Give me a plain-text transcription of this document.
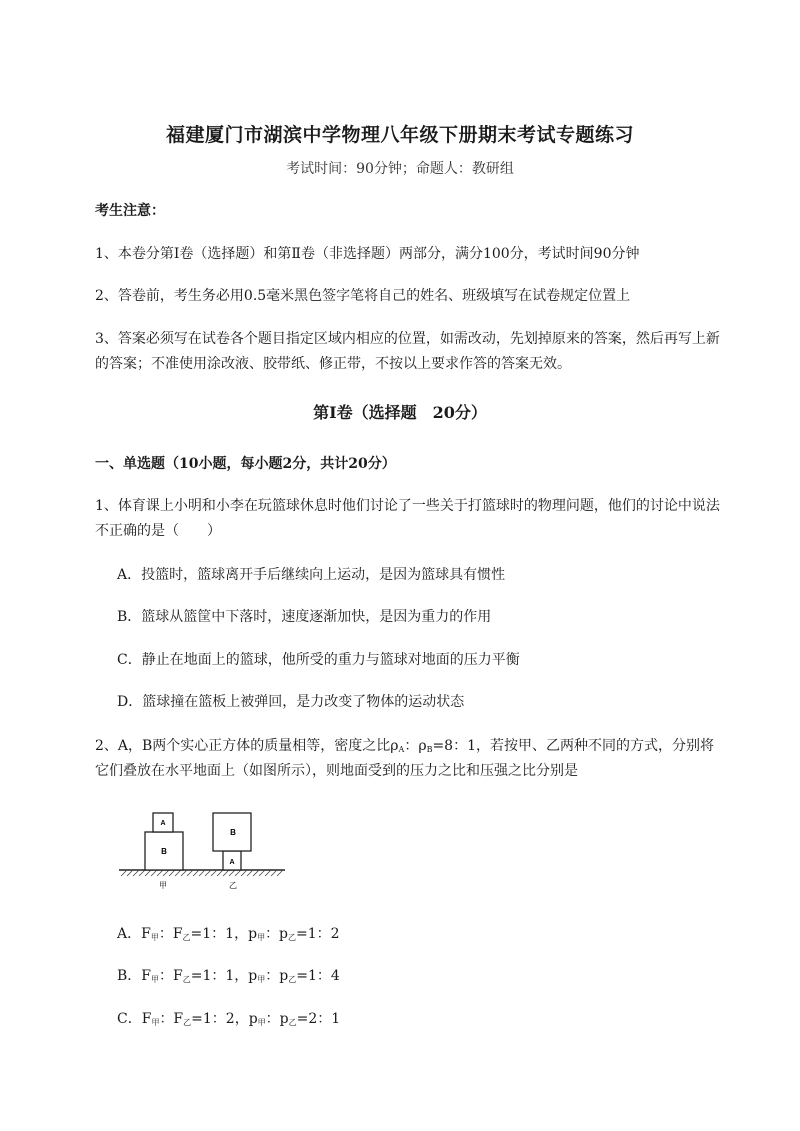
福建厦门市湖滨中学物理八年级下册期末考试专题练习
考试时间：90分钟；命题人：教研组
考生注意：
1、本卷分第Ⅰ卷（选择题）和第Ⅱ卷（非选择题）两部分，满分100分，考试时间90分钟
2、答卷前，考生务必用0.5毫米黑色签字笔将自己的姓名、班级填写在试卷规定位置上
3、答案必须写在试卷各个题目指定区域内相应的位置，如需改动，先划掉原来的答案，然后再写上新
的答案；不准使用涂改液、胶带纸、修正带，不按以上要求作答的答案无效。
第Ⅰ卷（选择题　20分）
一、单选题（10小题，每小题2分，共计20分）
1、体育课上小明和小李在玩篮球休息时他们讨论了一些关于打篮球时的物理问题，他们的讨论中说法
不正确的是（　　）
A．投篮时，篮球离开手后继续向上运动，是因为篮球具有惯性
B．篮球从篮筐中下落时，速度逐渐加快，是因为重力的作用
C．静止在地面上的篮球，他所受的重力与篮球对地面的压力平衡
D．篮球撞在篮板上被弹回，是力改变了物体的运动状态
2、A，B两个实心正方体的质量相等，密度之比$\rho_A$：$\rho_B=8$：1，若按甲、乙两种不同的方式，分别将
它们叠放在水平地面上（如图所示），则地面受到的压力之比和压强之比分别是
B
A
B
A
甲	乙
A．$F_甲$：$F_乙=1$：1，$p_甲$：$p_乙=1$：2
B．$F_甲$：$F_乙=1$：1，$p_甲$：$p_乙=1$：4
C．$F_甲$：$F_乙=1$：2，$p_甲$：$p_乙=2$：1
